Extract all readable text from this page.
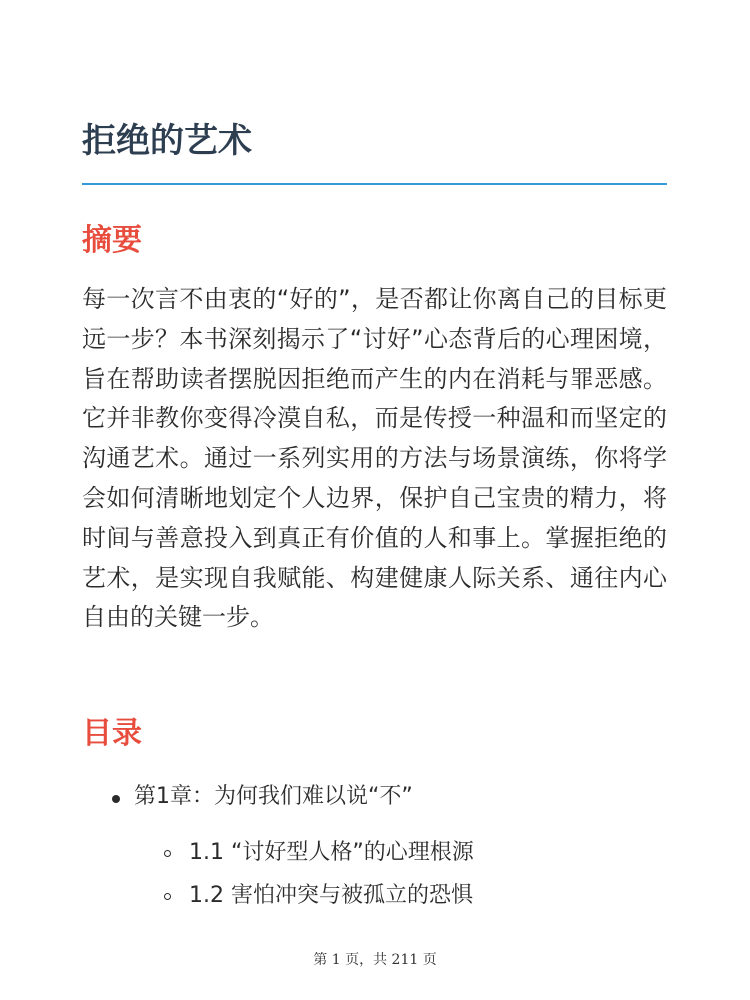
拒绝的艺术
摘要

每一次言不由衷的“好的”，是否都让你离自己的目标更远一步？本书深刻揭示了“讨好”心态背后的心理困境，旨在帮助读者摆脱因拒绝而产生的内在消耗与罪恶感。它并非教你变得冷漠自私，而是传授一种温和而坚定的沟通艺术。通过一系列实用的方法与场景演练，你将学会如何清晰地划定个人边界，保护自己宝贵的精力，将时间与善意投入到真正有价值的人和事上。掌握拒绝的艺术，是实现自我赋能、构建健康人际关系、通往内心自由的关键一步。

目录
第1章：为何我们难以说“不”
1.1 “讨好型人格”的心理根源
1.2 害怕冲突与被孤立的恐惧
第 1 页，共 211 页
